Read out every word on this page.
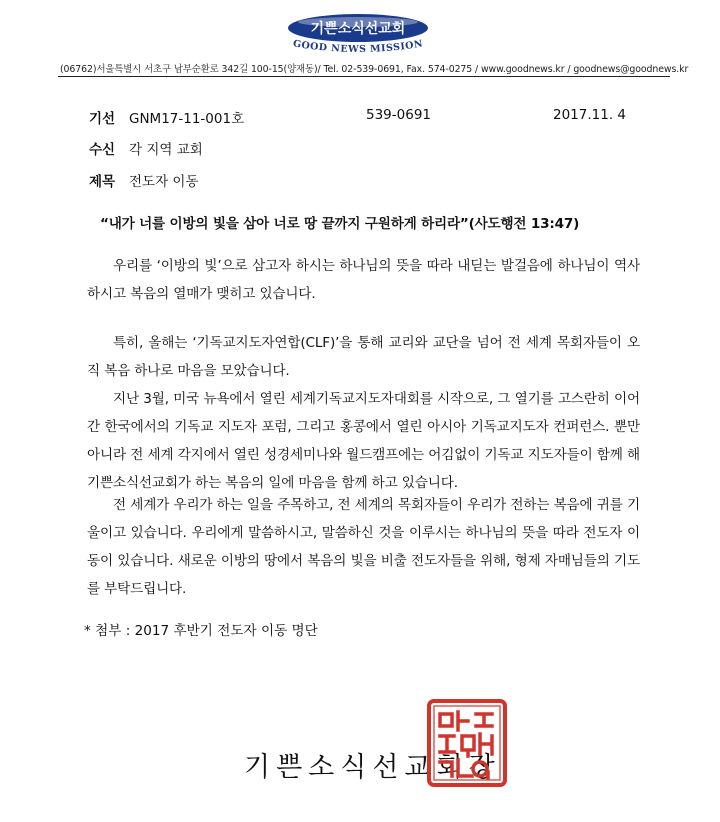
기쁜소식선교회
GOOD NEWS MISSION
(06762)서울특별시 서초구 남부순환로 342길 100-15(양재동)/ Tel. 02-539-0691, Fax. 574-0275 / www.goodnews.kr / goodnews@goodnews.kr
기선 GNM17-11-001호	539-0691	2017.11. 4
수신 각 지역 교회
제목 전도자 이동
“내가 너를 이방의 빛을 삼아 너로 땅 끝까지 구원하게 하리라”(사도행전 13:47)
우리를 ‘이방의 빛’으로 삼고자 하시는 하나님의 뜻을 따라 내딛는 발걸음에 하나님이 역사하시고 복음의 열매가 맺히고 있습니다.
특히, 올해는 ‘기독교지도자연합(CLF)’을 통해 교리와 교단을 넘어 전 세계 목회자들이 오직 복음 하나로 마음을 모았습니다.
지난 3월, 미국 뉴욕에서 열린 세계기독교지도자대회를 시작으로, 그 열기를 고스란히 이어간 한국에서의 기독교 지도자 포럼, 그리고 홍콩에서 열린 아시아 기독교지도자 컨퍼런스. 뿐만 아니라 전 세계 각지에서 열린 성경세미나와 월드캠프에는 어김없이 기독교 지도자들이 함께 해 기쁜소식선교회가 하는 복음의 일에 마음을 함께 하고 있습니다.
전 세계가 우리가 하는 일을 주목하고, 전 세계의 목회자들이 우리가 전하는 복음에 귀를 기울이고 있습니다. 우리에게 말씀하시고, 말씀하신 것을 이루시는 하나님의 뜻을 따라 전도자 이동이 있습니다. 새로운 이방의 땅에서 복음의 빛을 비출 전도자들을 위해, 형제 자매님들의 기도를 부탁드립니다.
* 첨부 : 2017 후반기 전도자 이동 명단
기쁜소식선교회장
